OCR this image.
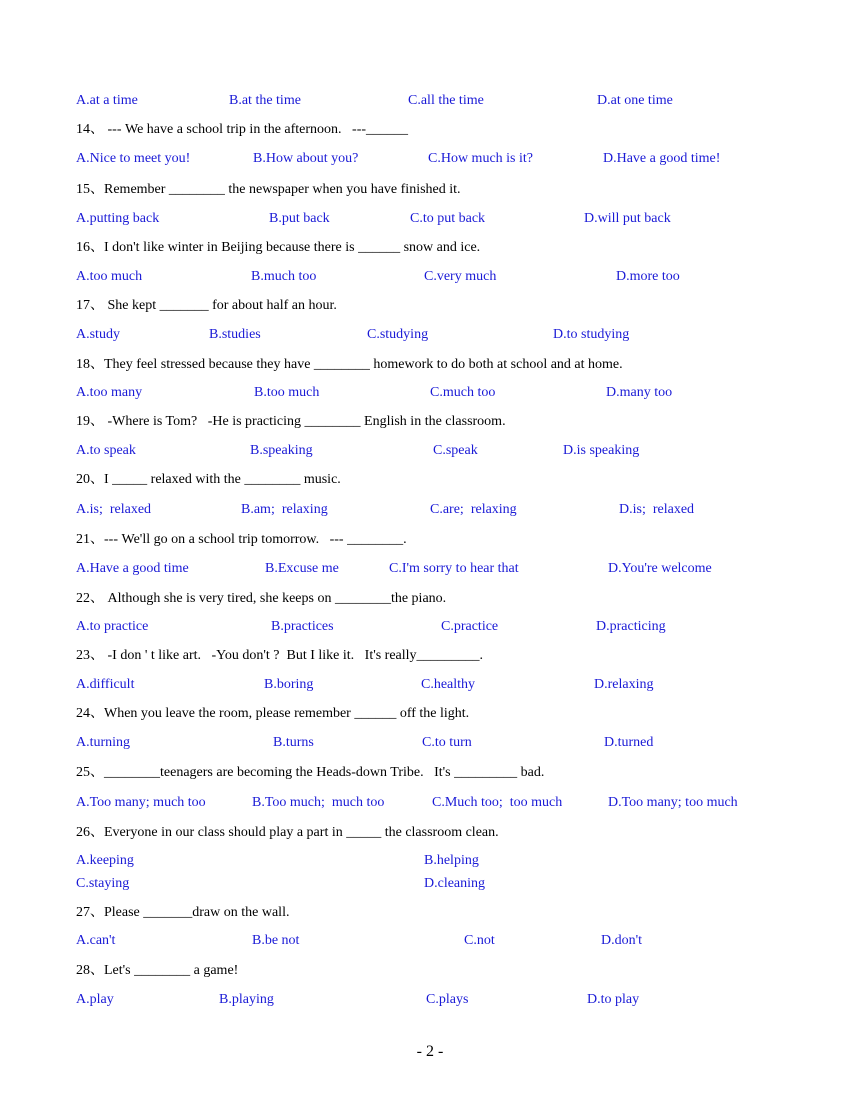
A.at a time	B.at the time	C.all the time	D.at one time
14、 --- We have a school trip in the afternoon.   ---______
A.Nice to meet you!	B.How about you?	C.How much is it?	D.Have a good time!
15、Remember ________ the newspaper when you have finished it.
A.putting back	B.put back	C.to put back	D.will put back
16、I don't like winter in Beijing because there is ______ snow and ice.
A.too much	B.much too	C.very much	D.more too
17、 She kept _______ for about half an hour.
A.study	B.studies	C.studying	D.to studying
18、They feel stressed because they have ________ homework to do both at school and at home.
A.too many	B.too much	C.much too	D.many too
19、 -Where is Tom?   -He is practicing ________ English in the classroom.
A.to speak	B.speaking	C.speak	D.is speaking
20、I _____ relaxed with the ________ music.
A.is;  relaxed	B.am;  relaxing	C.are;  relaxing	D.is;  relaxed
21、--- We'll go on a school trip tomorrow.   --- ________.
A.Have a good time	B.Excuse me	C.I'm sorry to hear that	D.You're welcome
22、 Although she is very tired, she keeps on ________the piano.
A.to practice	B.practices	C.practice	D.practicing
23、 -I don ' t like art.   -You don't ?  But I like it.   It's really_________.
A.difficult	B.boring	C.healthy	D.relaxing
24、When you leave the room, please remember ______ off the light.
A.turning	B.turns	C.to turn	D.turned
25、________teenagers are becoming the Heads-down Tribe.   It's _________ bad.
A.Too many; much too	B.Too much;  much too	C.Much too;  too much	D.Too many; too much
26、Everyone in our class should play a part in _____ the classroom clean.
A.keeping	B.helping
C.staying	D.cleaning
27、Please _______draw on the wall.
A.can't	B.be not	C.not	D.don't
28、Let's ________ a game!
A.play	B.playing	C.plays	D.to play
- 2 -
